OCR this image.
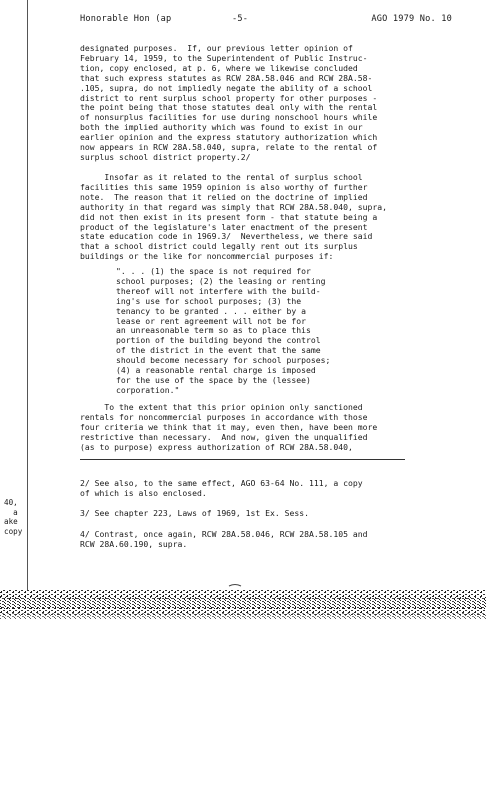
Honorable Hon (ap	-5-	AGO 1979 No. 10
designated purposes.  If, our previous letter opinion of
February 14, 1959, to the Superintendent of Public Instruc-
tion, copy enclosed, at p. 6, where we likewise concluded
that such express statutes as RCW 28A.58.046 and RCW 28A.58-
.105, supra, do not impliedly negate the ability of a school
district to rent surplus school property for other purposes -
the point being that those statutes deal only with the rental
of nonsurplus facilities for use during nonschool hours while
both the implied authority which was found to exist in our
earlier opinion and the express statutory authorization which
now appears in RCW 28A.58.040, supra, relate to the rental of
surplus school district property.2/
Insofar as it related to the rental of surplus school
facilities this same 1959 opinion is also worthy of further
note.  The reason that it relied on the doctrine of implied
authority in that regard was simply that RCW 28A.58.040, supra,
did not then exist in its present form - that statute being a
product of the legislature's later enactment of the present
state education code in 1969.3/  Nevertheless, we there said
that a school district could legally rent out its surplus
buildings or the like for noncommercial purposes if:
". . . (1) the space is not required for
school purposes; (2) the leasing or renting
thereof will not interfere with the build-
ing's use for school purposes; (3) the
tenancy to be granted . . . either by a
lease or rent agreement will not be for
an unreasonable term so as to place this
portion of the building beyond the control
of the district in the event that the same
should become necessary for school purposes;
(4) a reasonable rental charge is imposed
for the use of the space by the (lessee)
corporation."
To the extent that this prior opinion only sanctioned
rentals for noncommercial purposes in accordance with those
four criteria we think that it may, even then, have been more
restrictive than necessary.  And now, given the unqualified
(as to purpose) express authorization of RCW 28A.58.040,
2/ See also, to the same effect, AGO 63-64 No. 111, a copy
of which is also enclosed.
3/ See chapter 223, Laws of 1969, 1st Ex. Sess.
4/ Contrast, once again, RCW 28A.58.046, RCW 28A.58.105 and
RCW 28A.60.190, supra.
40,
a
ake
copy
